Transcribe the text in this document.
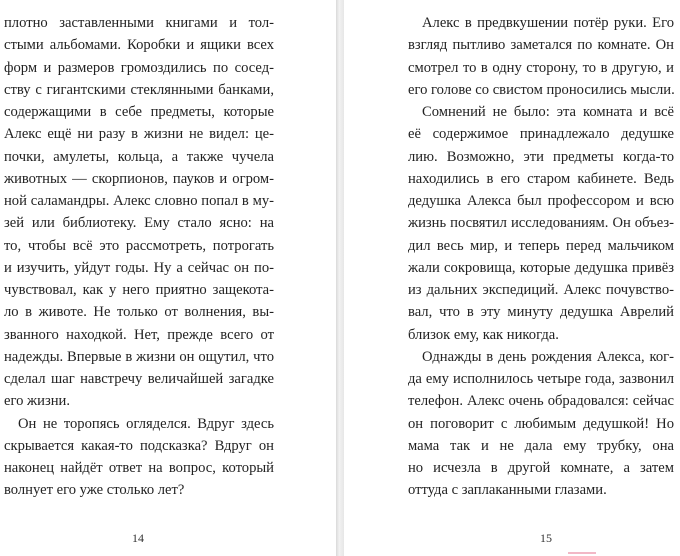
плотно заставленными книгами и тол-
стыми альбомами. Коробки и ящики всех
форм и размеров громоздились по сосед-
ству с гигантскими стеклянными банками,
содержащими в себе предметы, которые
Алекс ещё ни разу в жизни не видел: це-
почки, амулеты, кольца, а также чучела
животных — скорпионов, пауков и огром-
ной саламандры. Алекс словно попал в му-
зей или библиотеку. Ему стало ясно: на
то, чтобы всё это рассмотреть, потрогать
и изучить, уйдут годы. Ну а сейчас он по-
чувствовал, как у него приятно защекота-
ло в животе. Не только от волнения, вы-
званного находкой. Нет, прежде всего от
надежды. Впервые в жизни он ощутил, что
сделал шаг навстречу величайшей загадке
его жизни.
Он не торопясь огляделся. Вдруг здесь
скрывается какая-то подсказка? Вдруг он
наконец найдёт ответ на вопрос, который
волнует его уже столько лет?
14
Алекс в предвкушении потёр руки. Его
взгляд пытливо заметался по комнате. Он
смотрел то в одну сторону, то в другую, и
его голове со свистом проносились мысли.
Сомнений не было: эта комната и всё
её содержимое принадлежало дедушке
лию. Возможно, эти предметы когда-то
находились в его старом кабинете. Ведь
дедушка Алекса был профессором и всю
жизнь посвятил исследованиям. Он объез-
дил весь мир, и теперь перед мальчиком
жали сокровища, которые дедушка привёз
из дальних экспедиций. Алекс почувство-
вал, что в эту минуту дедушка Аврелий
близок ему, как никогда.
Однажды в день рождения Алекса, ког-
да ему исполнилось четыре года, зазвонил
телефон. Алекс очень обрадовался: сейчас
он поговорит с любимым дедушкой! Но
мама так и не дала ему трубку, она
но исчезла в другой комнате, а затем
оттуда с заплаканными глазами.
15
